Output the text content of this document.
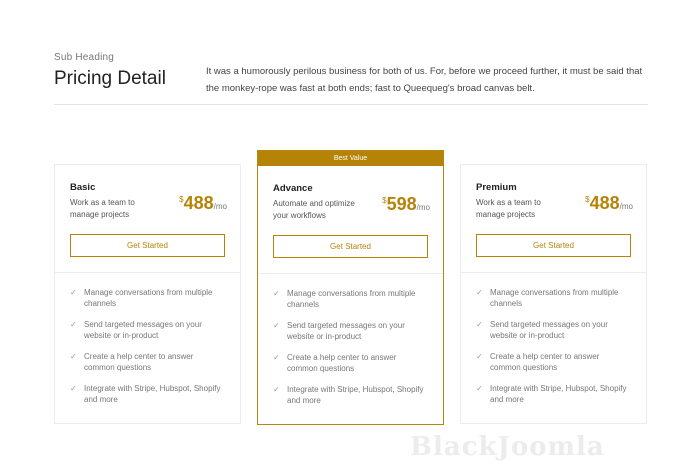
Sub Heading
Pricing Detail	It was a humorously perilous business for both of us. For, before we proceed further, it must be said that the monkey-rope was fast at both ends; fast to Queequeg's broad canvas belt.

Basic
Work as a team to manage projects
$488/mo
Get Started
✓ Manage conversations from multiple channels
✓ Send targeted messages on your website or in-product
✓ Create a help center to answer common questions
✓ Integrate with Stripe, Hubspot, Shopify and more
Best Value
Advance
Automate and optimize your workflows
$598/mo
Get Started
✓ Manage conversations from multiple channels
✓ Send targeted messages on your website or in-product
✓ Create a help center to answer common questions
✓ Integrate with Stripe, Hubspot, Shopify and more
Premium
Work as a team to manage projects
$488/mo
Get Started
✓ Manage conversations from multiple channels
✓ Send targeted messages on your website or in-product
✓ Create a help center to answer common questions
✓ Integrate with Stripe, Hubspot, Shopify and more
BlackJoomla
